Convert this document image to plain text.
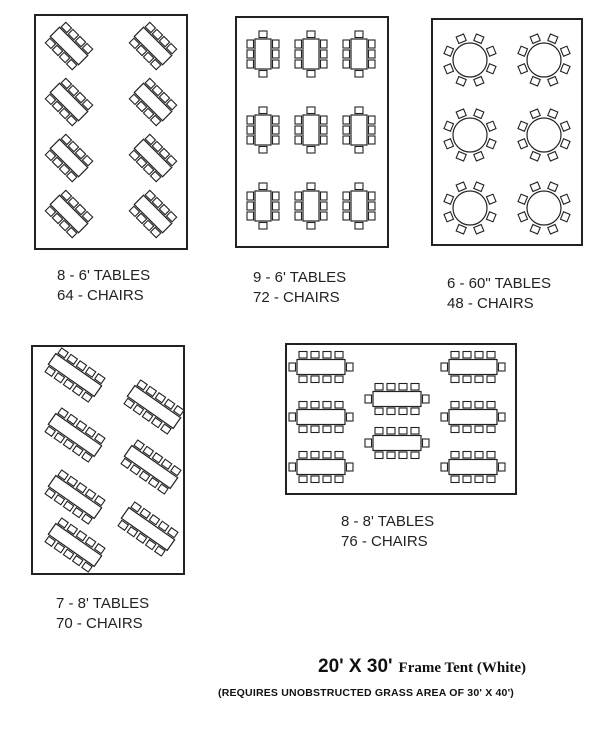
8 - 6' TABLES
64 - CHAIRS
9 - 6' TABLES
72 - CHAIRS
6 - 60" TABLES
48 - CHAIRS
7 - 8' TABLES
70 - CHAIRS
8 - 8' TABLES
76 - CHAIRS
20' X 30' Frame Tent (White)
(REQUIRES UNOBSTRUCTED GRASS AREA OF 30' X 40')
